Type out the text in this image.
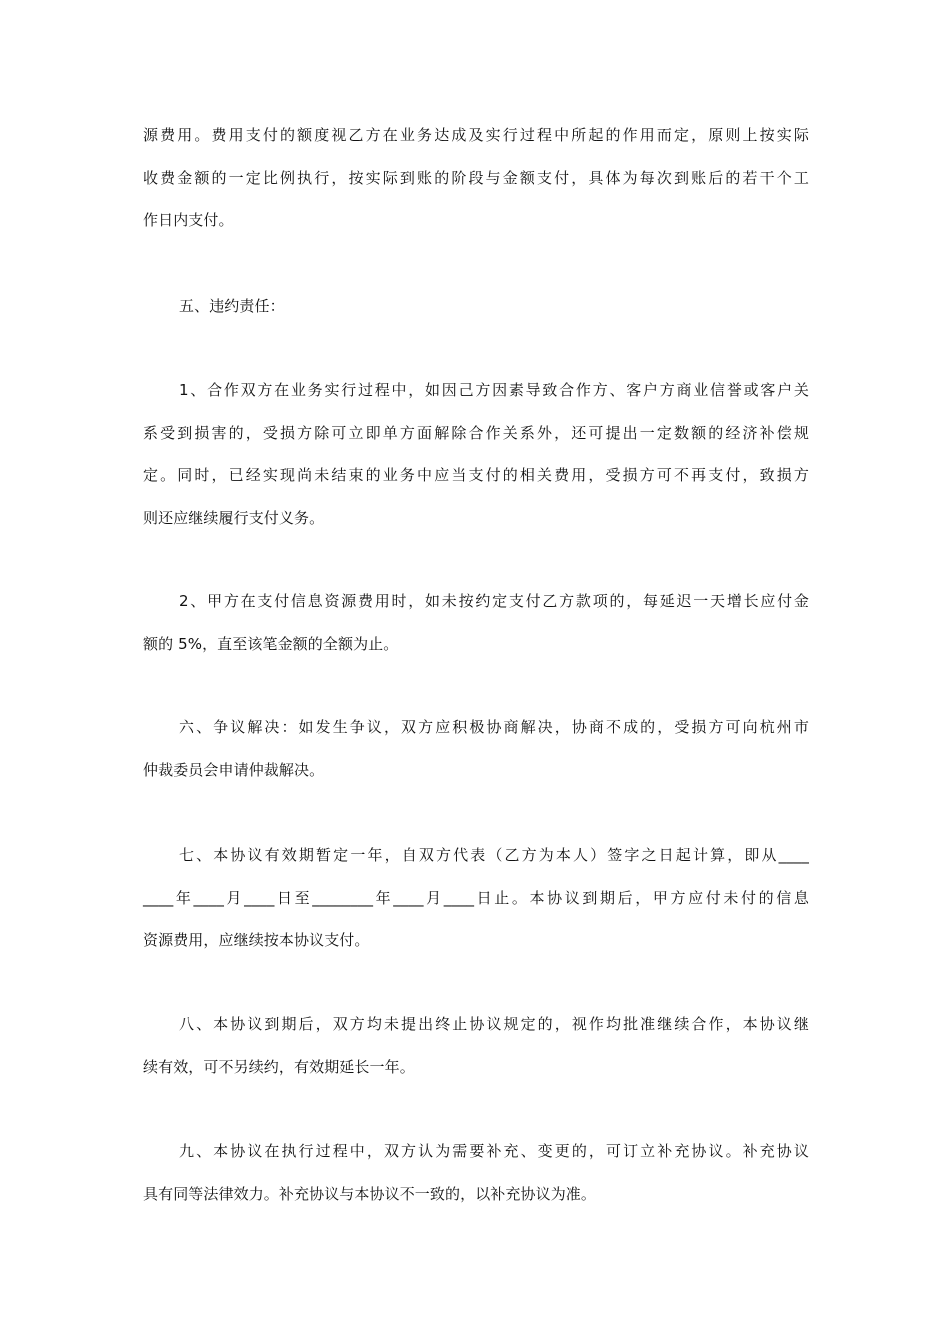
源费用。费用支付的额度视乙方在业务达成及实行过程中所起的作用而定，原则上按实际
收费金额的一定比例执行，按实际到账的阶段与金额支付，具体为每次到账后的若干个工
作日内支付。
五、违约责任：
1、合作双方在业务实行过程中，如因己方因素导致合作方、客户方商业信誉或客户关
系受到损害的，受损方除可立即单方面解除合作关系外，还可提出一定数额的经济补偿规
定。同时，已经实现尚未结束的业务中应当支付的相关费用，受损方可不再支付，致损方
则还应继续履行支付义务。
2、甲方在支付信息资源费用时，如未按约定支付乙方款项的，每延迟一天增长应付金
额的 5%，直至该笔金额的全额为止。
六、争议解决：如发生争议，双方应积极协商解决，协商不成的，受损方可向杭州市
仲裁委员会申请仲裁解决。
七、本协议有效期暂定一年，自双方代表（乙方为本人）签字之日起计算，即从____
____年____月____日至________年____月____日止。本协议到期后，甲方应付未付的信息
资源费用，应继续按本协议支付。
八、本协议到期后，双方均未提出终止协议规定的，视作均批准继续合作，本协议继
续有效，可不另续约，有效期延长一年。
九、本协议在执行过程中，双方认为需要补充、变更的，可订立补充协议。补充协议
具有同等法律效力。补充协议与本协议不一致的，以补充协议为准。
